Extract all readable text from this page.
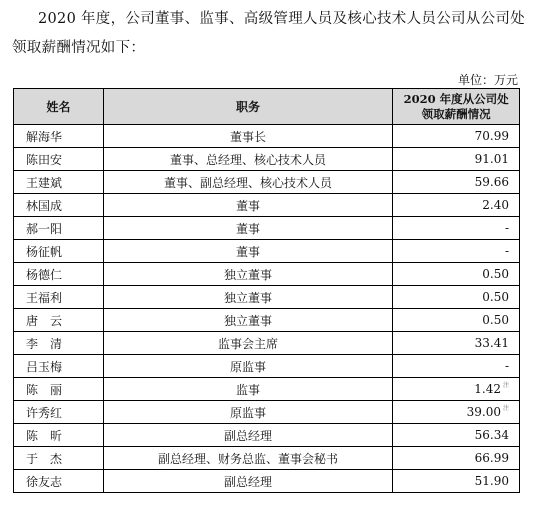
2020 年度，公司董事、监事、高级管理人员及核心技术人员公司从公司处领取薪酬情况如下：

单位：万元
姓名	职务	2020 年度从公司处领取薪酬情况
解海华	董事长	70.99
陈田安	董事、总经理、核心技术人员	91.01
王建斌	董事、副总经理、核心技术人员	59.66
林国成	董事	2.40
郝一阳	董事	-
杨征帆	董事	-
杨德仁	独立董事	0.50
王福利	独立董事	0.50
唐　云	独立董事	0.50
李　清	监事会主席	33.41
吕玉梅	原监事	-
陈　丽	监事	1.42 $^注$
许秀红	原监事	39.00 $^注$
陈　昕	副总经理	56.34
于　杰	副总经理、财务总监、董事会秘书	66.99
徐友志	副总经理	51.90
